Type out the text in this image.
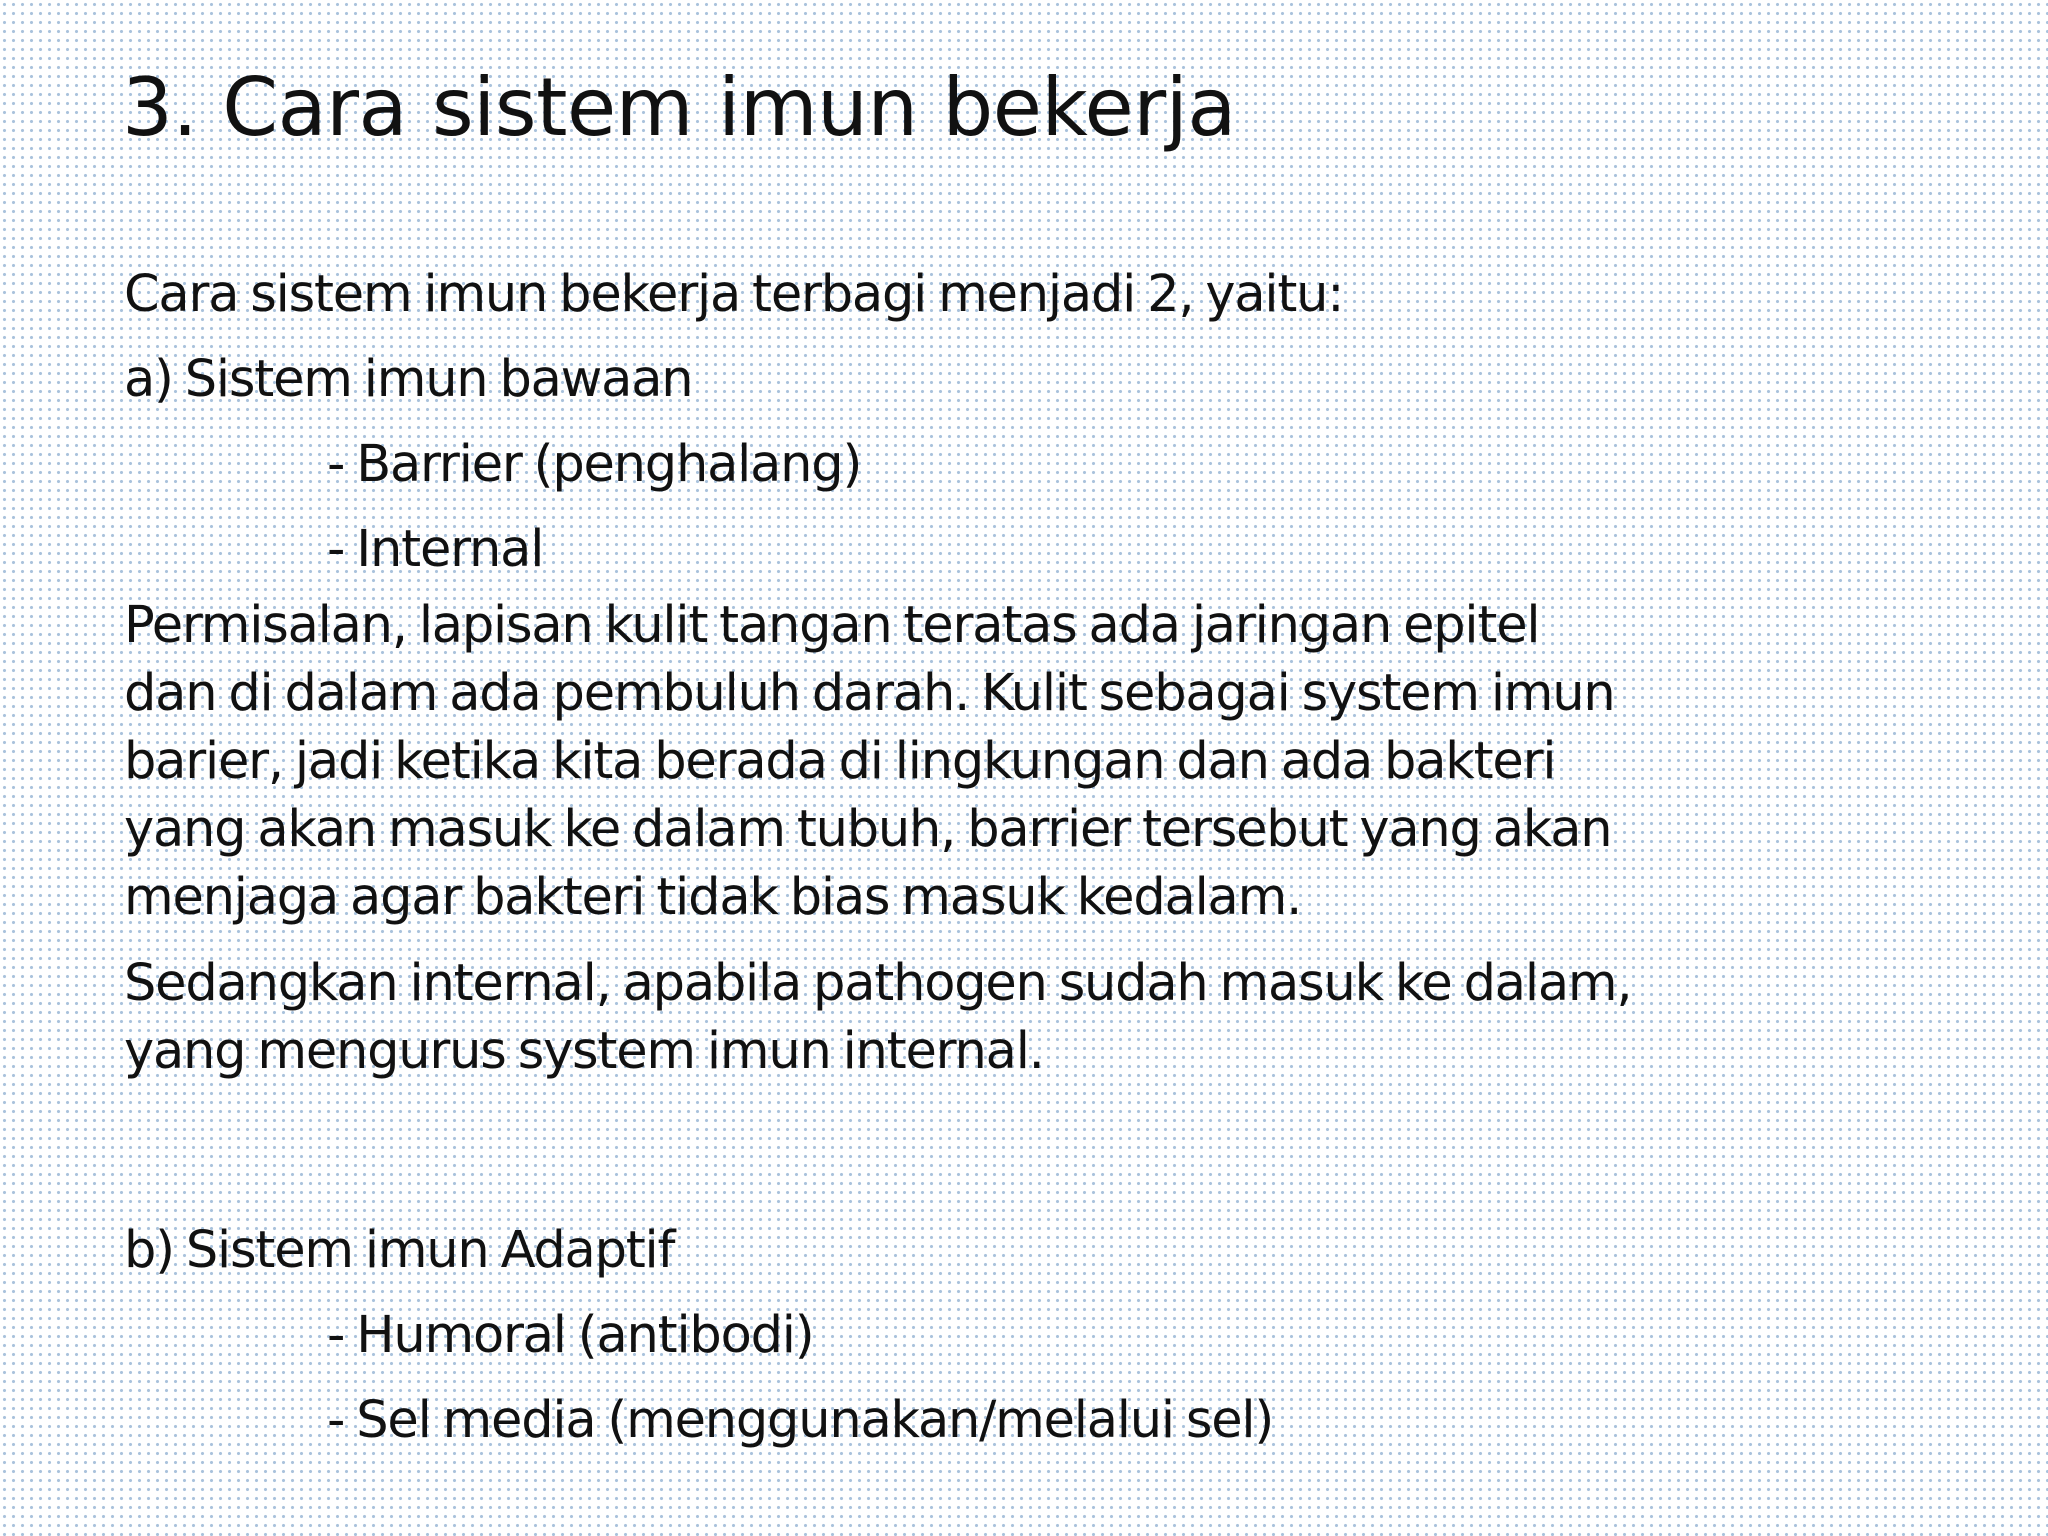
3. Cara sistem imun bekerja

Cara sistem imun bekerja terbagi menjadi 2, yaitu:

a) Sistem imun bawaan

- Barrier (penghalang)

- Internal

Permisalan, lapisan kulit tangan teratas ada jaringan epitel
dan di dalam ada pembuluh darah. Kulit sebagai system imun
barier, jadi ketika kita berada di lingkungan dan ada bakteri
yang akan masuk ke dalam tubuh, barrier tersebut yang akan
menjaga agar bakteri tidak bias masuk kedalam.

Sedangkan internal, apabila pathogen sudah masuk ke dalam,
yang mengurus system imun internal.

b) Sistem imun Adaptif

- Humoral (antibodi)

- Sel media (menggunakan/melalui sel)
